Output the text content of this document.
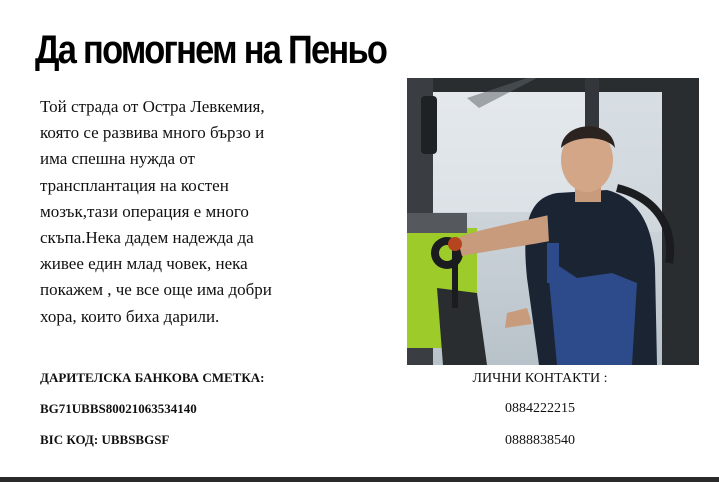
Да помогнем на Пеньо
Той страда от Остра Левкемия,
която се развива много бързо и
има спешна нужда от
трансплантация на костен
мозък,тази операция е много
скъпа.Нека дадем надежда да
живее един млад човек, нека
покажем , че все още има добри
хора, които биха дарили.
ДАРИТЕЛСКА БАНКОВА СМЕТКА:
BG71UBBS80021063534140
BIC КОД: UBBSBGSF
ЛИЧНИ КОНТАКТИ :
0884222215
0888838540
